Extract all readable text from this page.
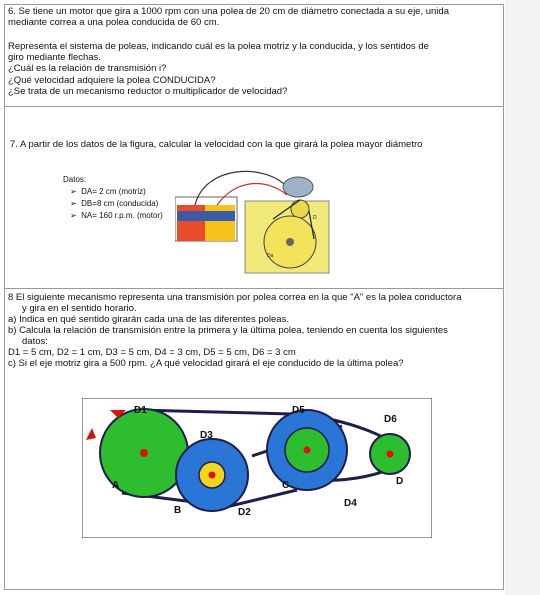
6. Se tiene un motor que gira a 1000 rpm con una polea de 20 cm de diámetro conectada a su eje, unida
mediante correa a una polea conducida de 60 cm.
Representa el sistema de poleas, indicando cuál es la polea motriz y la conducida, y los sentidos de
giro mediante flechas.
¿Cuál es la relación de transmisión i?
¿Qué velocidad adquiere la polea CONDUCIDA?
¿Se trata de un mecanismo reductor o multiplicador de velocidad?
7. A partir de los datos de la figura, calcular la velocidad con la que girará la polea mayor diámetro
Datos:
➢ DA= 2 cm (motriz)
➢ DB=8 cm (conducida)
➢ NA= 160 r.p.m. (motor)	D
Da
8 El siguiente mecanismo representa una transmisión por polea correa en la que "A" es la polea conductora
y gira en el sentido horario.
a) Indica en qué sentido girarán cada una de las diferentes poleas.
b) Calcula la relación de transmisión entre la primera y la última polea, teniendo en cuenta los siguientes
datos:
D1 = 5 cm, D2 = 1 cm, D3 = 5 cm, D4 = 3 cm, D5 = 5 cm, D6 = 3 cm
c) Si el eje motriz gira a 500 rpm. ¿A qué velocidad girará el eje conducido de la última polea?
D1	D5
D6
D3
A	C	D
B	D2
D4
